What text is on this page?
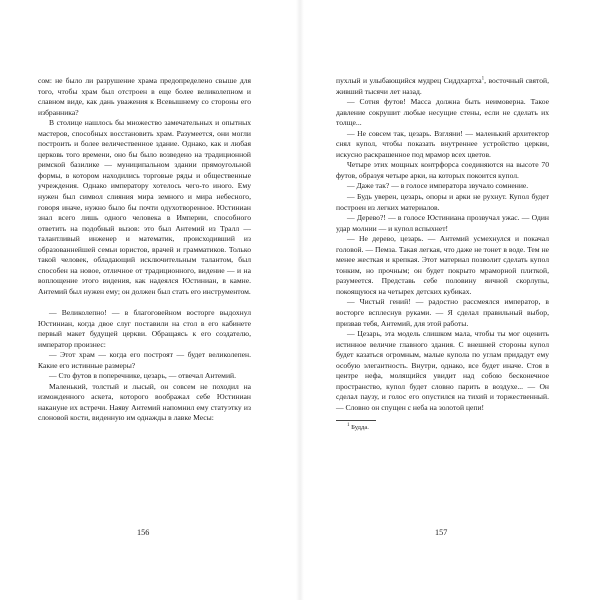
сом: не было ли разрушение храма предопределено свыше для того, чтобы храм был отстроен в еще более великолепном и славном виде, как дань уважения к Всевышнему со стороны его избранника?

В столице нашлось бы множество замечательных и опытных мастеров, способных восстановить храм. Разумеется, они могли построить и более величественное здание. Однако, как и любая церковь того времени, оно бы было возведено на традиционной римской базилике — муниципальном здании прямоугольной формы, в котором находились торговые ряды и общественные учреждения. Однако императору хотелось чего-то иного. Ему нужен был символ слияния мира земного и мира небесного, говоря иначе, нужно было бы почти одухотворенное. Юстиниан знал всего лишь одного человека в Империи, способного ответить на подобный вызов: это был Антемий из Тралл — талантливый инженер и математик, происходивший из образованнейшей семьи юристов, врачей и грамматиков. Только такой человек, обладающий исключительным талантом, был способен на новое, отличное от традиционного, видение — и на воплощение этого видения, как надеялся Юстиниан, в камне. Антемий был нужен ему; он должен был стать его инструментом.

— Великолепно! — в благоговейном восторге выдохнул Юстиниан, когда двое слуг поставили на стол в его кабинете первый макет будущей церкви. Обращаясь к его создателю, император произнес:

— Этот храм — когда его построят — будет великолепен. Какие его истинные размеры?

— Сто футов в поперечнике, цезарь, — отвечал Антемий.

Маленький, толстый и лысый, он совсем не походил на изможденного аскета, которого воображал себе Юстиниан накануне их встречи. Наяву Антемий напомнил ему статуэтку из слоновой кости, виденную им однажды в лавке Месы:

156

пухлый и улыбающийся мудрец Сиддхартха$^1$, восточный святой, живший тысячи лет назад.

— Сотня футов! Масса должна быть неимоверна. Такое давление сокрушит любые несущие стены, если не сделать их толще...

— Не совсем так, цезарь. Взгляни! — маленький архитектор снял купол, чтобы показать внутреннее устройство церкви, искусно раскрашенное под мрамор всех цветов.

Четыре этих мощных контрфорса соединяются на высоте 70 футов, образуя четыре арки, на которых покоится купол.

— Даже так? — в голосе императора звучало сомнение.

— Будь уверен, цезарь, опоры и арки не рухнут. Купол будет построен из легких материалов.

— Дерево?! — в голосе Юстиниана прозвучал ужас. — Один удар молнии — и купол вспыхнет!

— Не дерево, цезарь. — Антемий усмехнулся и покачал головой. — Пемза. Такая легкая, что даже не тонет в воде. Тем не менее жесткая и крепкая. Этот материал позволит сделать купол тонким, но прочным; он будет покрыто мраморной плиткой, разумеется. Представь себе половину яичной скорлупы, покоящуюся на четырех детских кубиках.

— Чистый гений! — радостно рассмеялся император, в восторге всплеснув руками. — Я сделал правильный выбор, призвав тебя, Антемий, для этой работы.

— Цезарь, эта модель слишком мала, чтобы ты мог оценить истинное величие главного здания. С внешней стороны купол будет казаться огромным, малые купола по углам придадут ему особую элегантность. Внутри, однако, все будет иначе. Стоя в центре нефа, молящийся увидит над собою бесконечное пространство, купол будет словно парить в воздухе... — Он сделал паузу, и голос его опустился на тихий и торжественный. — Словно он спущен с неба на золотой цепи!

$^1$ Будда.
157
